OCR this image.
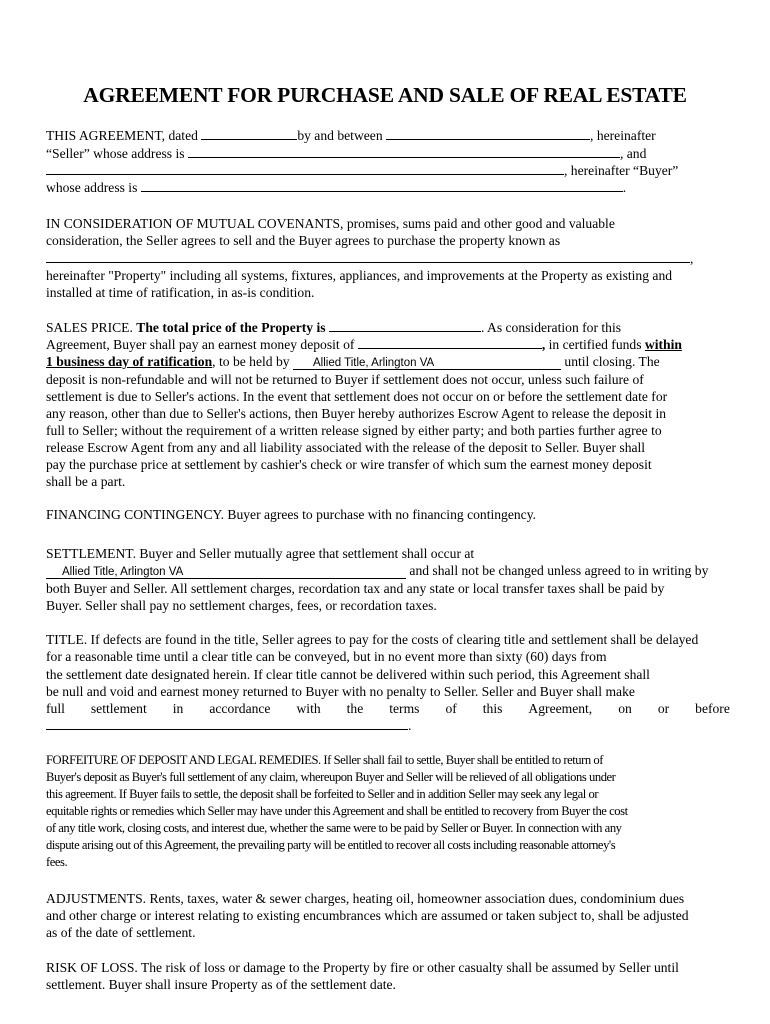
AGREEMENT FOR PURCHASE AND SALE OF REAL ESTATE
THIS AGREEMENT, dated	by and between	, hereinafter
“Seller” whose address is	, and
, hereinafter “Buyer”
whose address is	.
IN CONSIDERATION OF MUTUAL COVENANTS, promises, sums paid and other good and valuable
consideration, the Seller agrees to sell and the Buyer agrees to purchase the property known as
,
hereinafter "Property" including all systems, fixtures, appliances, and improvements at the Property as existing and
installed at time of ratification, in as-is condition.
SALES PRICE. The total price of the Property is	. As consideration for this
Agreement, Buyer shall pay an earnest money deposit of	, in certified funds within
1 business day of ratification, to be held by Allied Title, Arlington VA	until closing. The
deposit is non-refundable and will not be returned to Buyer if settlement does not occur, unless such failure of
settlement is due to Seller's actions. In the event that settlement does not occur on or before the settlement date for
any reason, other than due to Seller's actions, then Buyer hereby authorizes Escrow Agent to release the deposit in
full to Seller; without the requirement of a written release signed by either party; and both parties further agree to
release Escrow Agent from any and all liability associated with the release of the deposit to Seller. Buyer shall
pay the purchase price at settlement by cashier's check or wire transfer of which sum the earnest money deposit
shall be a part.
FINANCING CONTINGENCY. Buyer agrees to purchase with no financing contingency.
SETTLEMENT. Buyer and Seller mutually agree that settlement shall occur at
Allied Title, Arlington VA	and shall not be changed unless agreed to in writing by
both Buyer and Seller. All settlement charges, recordation tax and any state or local transfer taxes shall be paid by
Buyer. Seller shall pay no settlement charges, fees, or recordation taxes.
TITLE. If defects are found in the title, Seller agrees to pay for the costs of clearing title and settlement shall be delayed
for a reasonable time until a clear title can be conveyed, but in no event more than sixty (60) days from
the settlement date designated herein. If clear title cannot be delivered within such period, this Agreement shall
be null and void and earnest money returned to Buyer with no penalty to Seller. Seller and Buyer shall make
full settlement in accordance with the terms of this Agreement, on or before
.
FORFEITURE OF DEPOSIT AND LEGAL REMEDIES. If Seller shall fail to settle, Buyer shall be entitled to return of
Buyer's deposit as Buyer's full settlement of any claim, whereupon Buyer and Seller will be relieved of all obligations under
this agreement. If Buyer fails to settle, the deposit shall be forfeited to Seller and in addition Seller may seek any legal or
equitable rights or remedies which Seller may have under this Agreement and shall be entitled to recovery from Buyer the cost
of any title work, closing costs, and interest due, whether the same were to be paid by Seller or Buyer. In connection with any
dispute arising out of this Agreement, the prevailing party will be entitled to recover all costs including reasonable attorney's
fees.
ADJUSTMENTS. Rents, taxes, water & sewer charges, heating oil, homeowner association dues, condominium dues
and other charge or interest relating to existing encumbrances which are assumed or taken subject to, shall be adjusted
as of the date of settlement.
RISK OF LOSS. The risk of loss or damage to the Property by fire or other casualty shall be assumed by Seller until
settlement. Buyer shall insure Property as of the settlement date.
